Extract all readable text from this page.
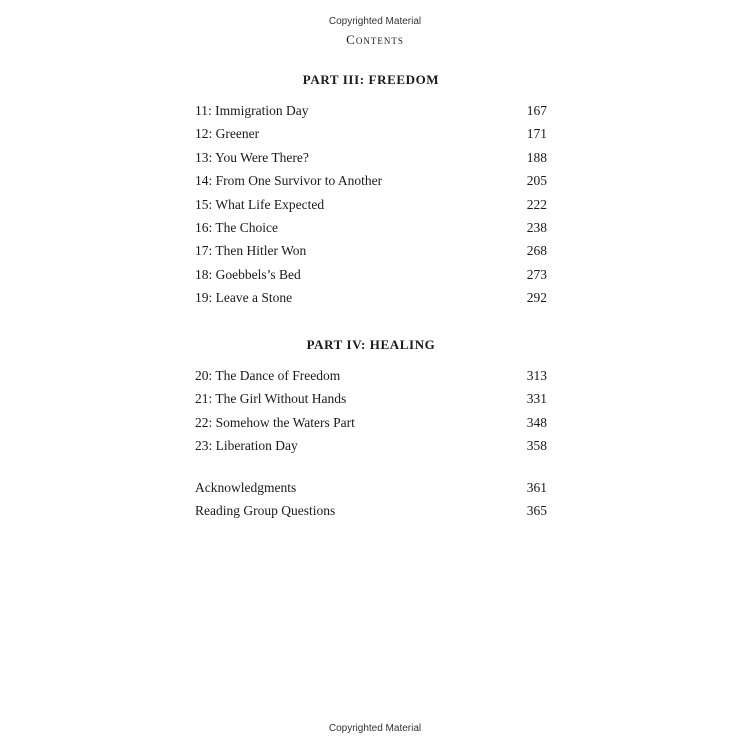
Copyrighted Material
Contents
PART III: FREEDOM
11: Immigration Day	167
12: Greener	171
13: You Were There?	188
14: From One Survivor to Another	205
15: What Life Expected	222
16: The Choice	238
17: Then Hitler Won	268
18: Goebbels’s Bed	273
19: Leave a Stone	292
PART IV: HEALING
20: The Dance of Freedom	313
21: The Girl Without Hands	331
22: Somehow the Waters Part	348
23: Liberation Day	358
Acknowledgments	361
Reading Group Questions	365
Copyrighted Material
